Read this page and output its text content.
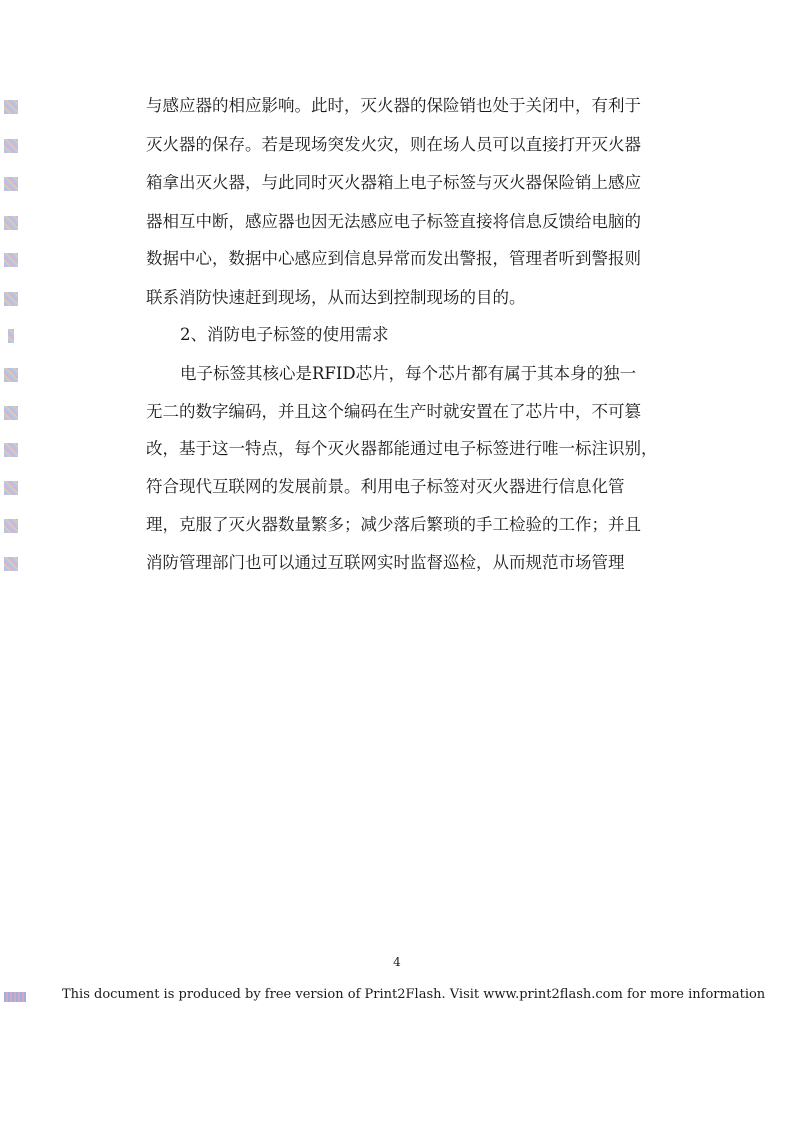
与感应器的相应影响。此时，灭火器的保险销也处于关闭中，有利于
灭火器的保存。若是现场突发火灾，则在场人员可以直接打开灭火器
箱拿出灭火器，与此同时灭火器箱上电子标签与灭火器保险销上感应
器相互中断，感应器也因无法感应电子标签直接将信息反馈给电脑的
数据中心，数据中心感应到信息异常而发出警报，管理者听到警报则
联系消防快速赶到现场，从而达到控制现场的目的。
2、消防电子标签的使用需求
电子标签其核心是RFID芯片，每个芯片都有属于其本身的独一
无二的数字编码，并且这个编码在生产时就安置在了芯片中，不可篡
改，基于这一特点，每个灭火器都能通过电子标签进行唯一标注识别，
符合现代互联网的发展前景。利用电子标签对灭火器进行信息化管
理，克服了灭火器数量繁多；减少落后繁琐的手工检验的工作；并且
消防管理部门也可以通过互联网实时监督巡检，从而规范市场管理
4
This document is produced by free version of Print2Flash. Visit www.print2flash.com for more information
